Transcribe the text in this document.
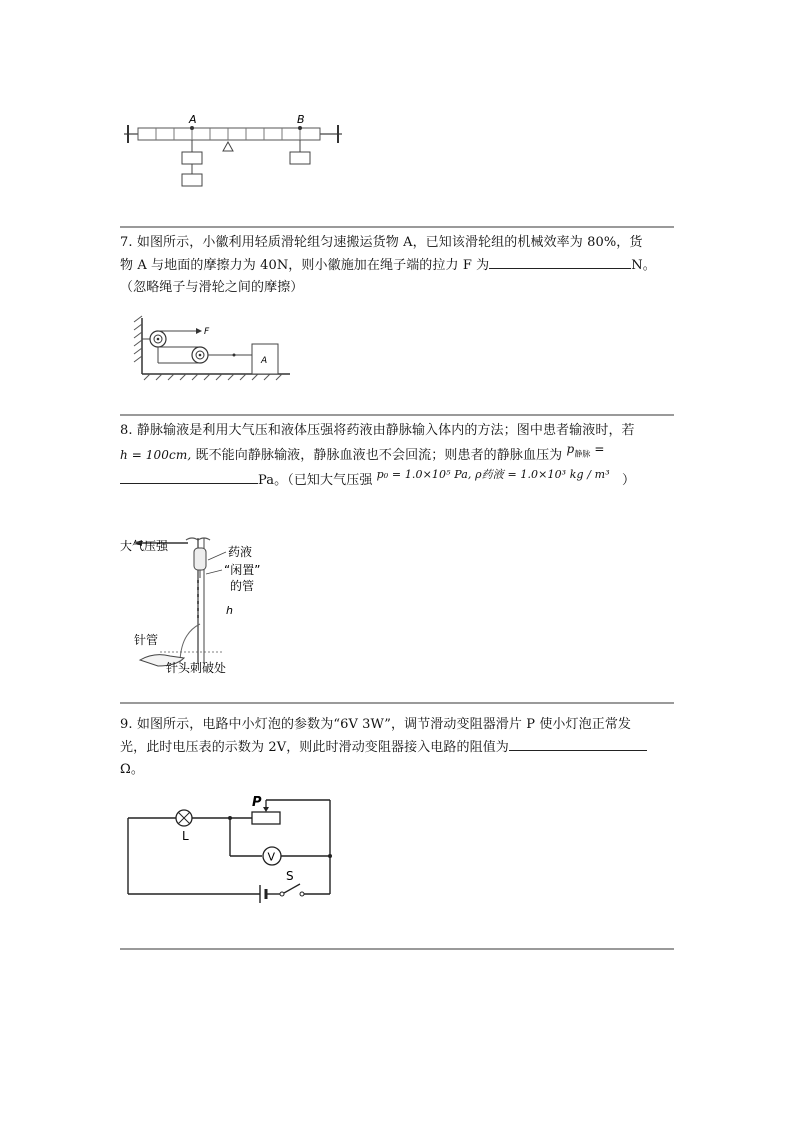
A	B
7. 如图所示，小徽利用轻质滑轮组匀速搬运货物 A，已知该滑轮组的机械效率为 80%，货
物 A 与地面的摩擦力为 40N，则小徽施加在绳子端的拉力 F 为	N。
（忽略绳子与滑轮之间的摩擦）
F
A
8. 静脉输液是利用大气压和液体压强将药液由静脉输入体内的方法；图中患者输液时，若
h = 100cm, 既不能向静脉输液，静脉血液也不会回流；则患者的静脉血压为 $p_{静脉}$ =
Pa。（已知大气压强 $^{p_0 = 1.0\times 10^5 Pa, \rho 药液 = 1.0\times 10^3 kg / m^3}$ ）
大气压强	药液
“闲置”
的管
h
针管
针头刺破处
9. 如图所示，电路中小灯泡的参数为“6V 3W”，调节滑动变阻器滑片 P 使小灯泡正常发
光，此时电压表的示数为 2V，则此时滑动变阻器接入电路的阻值为
Ω。
L
P
V
S
